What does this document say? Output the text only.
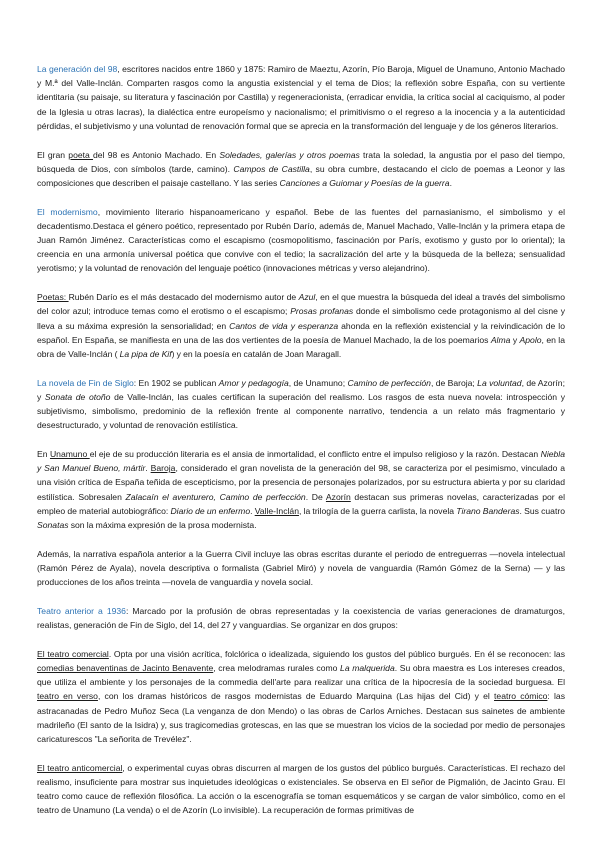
La generación del 98, escritores nacidos entre 1860 y 1875: Ramiro de Maeztu, Azorín, Pío Baroja, Miguel de Unamuno, Antonio Machado y M.ª del Valle-Inclán. Comparten rasgos como la angustia existencial y el tema de Dios; la reflexión sobre España, con su vertiente identitaria (su paisaje, su literatura y fascinación por Castilla) y regeneracionista, (erradicar envidia, la crítica social al caciquismo, al poder de la Iglesia u otras lacras), la dialéctica entre europeísmo y nacionalismo; el primitivismo o el regreso a la inocencia y a la autenticidad pérdidas, el subjetivismo y una voluntad de renovación formal que se aprecia en la transformación del lenguaje y de los géneros literarios.

El gran poeta del 98 es Antonio Machado. En Soledades, galerías y otros poemas trata la soledad, la angustia por el paso del tiempo, búsqueda de Dios, con símbolos (tarde, camino). Campos de Castilla, su obra cumbre, destacando el ciclo de poemas a Leonor y las composiciones que describen el paisaje castellano. Y las series Canciones a Guiomar y Poesías de la guerra.

El modernismo, movimiento literario hispanoamericano y español. Bebe de las fuentes del parnasianismo, el simbolismo y el decadentismo.Destaca el género poético, representado por Rubén Darío, además de, Manuel Machado, Valle-Inclán y la primera etapa de Juan Ramón Jiménez. Características como el escapismo (cosmopolitismo, fascinación por París, exotismo y gusto por lo oriental); la creencia en una armonía universal poética que convive con el tedio; la sacralización del arte y la búsqueda de la belleza; sensualidad yerotismo; y la voluntad de renovación del lenguaje poético (innovaciones métricas y verso alejandrino).

Poetas: Rubén Darío es el más destacado del modernismo autor de Azul, en el que muestra la búsqueda del ideal a través del simbolismo del color azul; introduce temas como el erotismo o el escapismo; Prosas profanas donde el simbolismo cede protagonismo al del cisne y lleva a su máxima expresión la sensorialidad; en Cantos de vida y esperanza ahonda en la reflexión existencial y la reivindicación de lo español. En España, se manifiesta en una de las dos vertientes de la poesía de Manuel Machado, la de los poemarios Alma y Apolo, en la obra de Valle-Inclán ( La pipa de Kif) y en la poesía en catalán de Joan Maragall.

La novela de Fin de Siglo: En 1902 se publican Amor y pedagogía, de Unamuno; Camino de perfección, de Baroja; La voluntad, de Azorín; y Sonata de otoño de Valle-Inclán, las cuales certifican la superación del realismo. Los rasgos de esta nueva novela: introspección y subjetivismo, simbolismo, predominio de la reflexión frente al componente narrativo, tendencia a un relato más fragmentario y desestructurado, y voluntad de renovación estilística.

En Unamuno el eje de su producción literaria es el ansia de inmortalidad, el conflicto entre el impulso religioso y la razón. Destacan Niebla y San Manuel Bueno, mártir. Baroja, considerado el gran novelista de la generación del 98, se caracteriza por el pesimismo, vinculado a una visión crítica de España teñida de escepticismo, por la presencia de personajes polarizados, por su estructura abierta y por su claridad estilística. Sobresalen Zalacaín el aventurero, Camino de perfección. De Azorín destacan sus primeras novelas, caracterizadas por el empleo de material autobiográfico: Diario de un enfermo. Valle-Inclán, la trilogía de la guerra carlista, la novela Tirano Banderas. Sus cuatro Sonatas son la máxima expresión de la prosa modernista.

Además, la narrativa española anterior a la Guerra Civil incluye las obras escritas durante el periodo de entreguerras —novela intelectual (Ramón Pérez de Ayala), novela descriptiva o formalista (Gabriel Miró) y novela de vanguardia (Ramón Gómez de la Serna) — y las producciones de los años treinta —novela de vanguardia y novela social.

Teatro anterior a 1936: Marcado por la profusión de obras representadas y la coexistencia de varias generaciones de dramaturgos, realistas, generación de Fin de Siglo, del 14, del 27 y vanguardias. Se organizar en dos grupos:

El teatro comercial. Opta por una visión acrítica, folclórica o idealizada, siguiendo los gustos del público burgués. En él se reconocen: las comedias benaventinas de Jacinto Benavente, crea melodramas rurales como La malquerida. Su obra maestra es Los intereses creados, que utiliza el ambiente y los personajes de la commedia dell'arte para realizar una crítica de la hipocresía de la sociedad burguesa. El teatro en verso, con los dramas históricos de rasgos modernistas de Eduardo Marquina (Las hijas del Cid) y el teatro cómico: las astracanadas de Pedro Muñoz Seca (La venganza de don Mendo) o las obras de Carlos Arniches. Destacan sus sainetes de ambiente madrileño (El santo de la Isidra) y, sus tragicomedias grotescas, en las que se muestran los vicios de la sociedad por medio de personajes caricaturescos "La señorita de Trevélez".

El teatro anticomercial, o experimental cuyas obras discurren al margen de los gustos del público burgués. Características. El rechazo del realismo, insuficiente para mostrar sus inquietudes ideológicas o existenciales. Se observa en El señor de Pigmalión, de Jacinto Grau. El teatro como cauce de reflexión filosófica. La acción o la escenografía se toman esquemáticos y se cargan de valor simbólico, como en el teatro de Unamuno (La venda) o el de Azorín (Lo invisible). La recuperación de formas primitivas de
